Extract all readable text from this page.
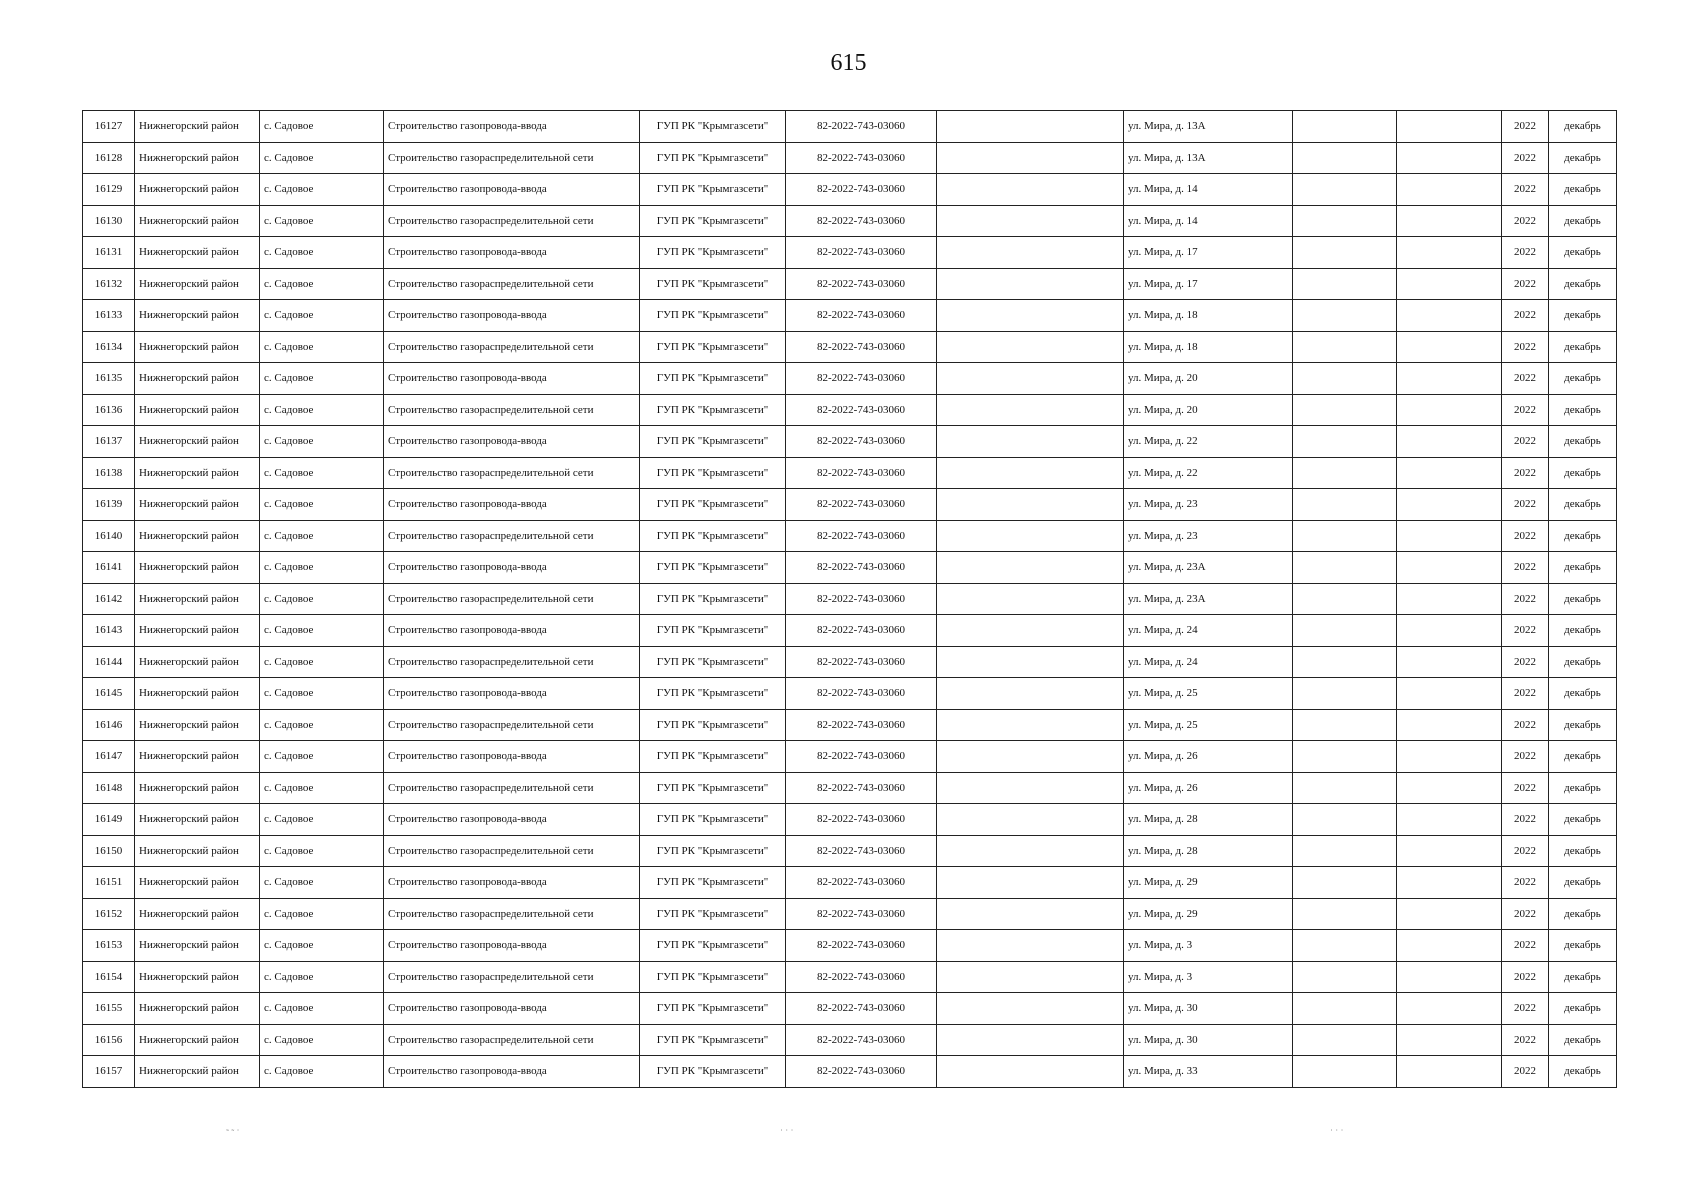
615
16127	Нижнегорский район	с. Садовое	Строительство газопровода-ввода	ГУП РК "Крымгазсети"	82-2022-743-03060		ул. Мира, д. 13А			2022	декабрь
16128	Нижнегорский район	с. Садовое	Строительство газораспределительной сети	ГУП РК "Крымгазсети"	82-2022-743-03060		ул. Мира, д. 13А			2022	декабрь
16129	Нижнегорский район	с. Садовое	Строительство газопровода-ввода	ГУП РК "Крымгазсети"	82-2022-743-03060		ул. Мира, д. 14			2022	декабрь
16130	Нижнегорский район	с. Садовое	Строительство газораспределительной сети	ГУП РК "Крымгазсети"	82-2022-743-03060		ул. Мира, д. 14			2022	декабрь
16131	Нижнегорский район	с. Садовое	Строительство газопровода-ввода	ГУП РК "Крымгазсети"	82-2022-743-03060		ул. Мира, д. 17			2022	декабрь
16132	Нижнегорский район	с. Садовое	Строительство газораспределительной сети	ГУП РК "Крымгазсети"	82-2022-743-03060		ул. Мира, д. 17			2022	декабрь
16133	Нижнегорский район	с. Садовое	Строительство газопровода-ввода	ГУП РК "Крымгазсети"	82-2022-743-03060		ул. Мира, д. 18			2022	декабрь
16134	Нижнегорский район	с. Садовое	Строительство газораспределительной сети	ГУП РК "Крымгазсети"	82-2022-743-03060		ул. Мира, д. 18			2022	декабрь
16135	Нижнегорский район	с. Садовое	Строительство газопровода-ввода	ГУП РК "Крымгазсети"	82-2022-743-03060		ул. Мира, д. 20			2022	декабрь
16136	Нижнегорский район	с. Садовое	Строительство газораспределительной сети	ГУП РК "Крымгазсети"	82-2022-743-03060		ул. Мира, д. 20			2022	декабрь
16137	Нижнегорский район	с. Садовое	Строительство газопровода-ввода	ГУП РК "Крымгазсети"	82-2022-743-03060		ул. Мира, д. 22			2022	декабрь
16138	Нижнегорский район	с. Садовое	Строительство газораспределительной сети	ГУП РК "Крымгазсети"	82-2022-743-03060		ул. Мира, д. 22			2022	декабрь
16139	Нижнегорский район	с. Садовое	Строительство газопровода-ввода	ГУП РК "Крымгазсети"	82-2022-743-03060		ул. Мира, д. 23			2022	декабрь
16140	Нижнегорский район	с. Садовое	Строительство газораспределительной сети	ГУП РК "Крымгазсети"	82-2022-743-03060		ул. Мира, д. 23			2022	декабрь
16141	Нижнегорский район	с. Садовое	Строительство газопровода-ввода	ГУП РК "Крымгазсети"	82-2022-743-03060		ул. Мира, д. 23А			2022	декабрь
16142	Нижнегорский район	с. Садовое	Строительство газораспределительной сети	ГУП РК "Крымгазсети"	82-2022-743-03060		ул. Мира, д. 23А			2022	декабрь
16143	Нижнегорский район	с. Садовое	Строительство газопровода-ввода	ГУП РК "Крымгазсети"	82-2022-743-03060		ул. Мира, д. 24			2022	декабрь
16144	Нижнегорский район	с. Садовое	Строительство газораспределительной сети	ГУП РК "Крымгазсети"	82-2022-743-03060		ул. Мира, д. 24			2022	декабрь
16145	Нижнегорский район	с. Садовое	Строительство газопровода-ввода	ГУП РК "Крымгазсети"	82-2022-743-03060		ул. Мира, д. 25			2022	декабрь
16146	Нижнегорский район	с. Садовое	Строительство газораспределительной сети	ГУП РК "Крымгазсети"	82-2022-743-03060		ул. Мира, д. 25			2022	декабрь
16147	Нижнегорский район	с. Садовое	Строительство газопровода-ввода	ГУП РК "Крымгазсети"	82-2022-743-03060		ул. Мира, д. 26			2022	декабрь
16148	Нижнегорский район	с. Садовое	Строительство газораспределительной сети	ГУП РК "Крымгазсети"	82-2022-743-03060		ул. Мира, д. 26			2022	декабрь
16149	Нижнегорский район	с. Садовое	Строительство газопровода-ввода	ГУП РК "Крымгазсети"	82-2022-743-03060		ул. Мира, д. 28			2022	декабрь
16150	Нижнегорский район	с. Садовое	Строительство газораспределительной сети	ГУП РК "Крымгазсети"	82-2022-743-03060		ул. Мира, д. 28			2022	декабрь
16151	Нижнегорский район	с. Садовое	Строительство газопровода-ввода	ГУП РК "Крымгазсети"	82-2022-743-03060		ул. Мира, д. 29			2022	декабрь
16152	Нижнегорский район	с. Садовое	Строительство газораспределительной сети	ГУП РК "Крымгазсети"	82-2022-743-03060		ул. Мира, д. 29			2022	декабрь
16153	Нижнегорский район	с. Садовое	Строительство газопровода-ввода	ГУП РК "Крымгазсети"	82-2022-743-03060		ул. Мира, д. 3			2022	декабрь
16154	Нижнегорский район	с. Садовое	Строительство газораспределительной сети	ГУП РК "Крымгазсети"	82-2022-743-03060		ул. Мира, д. 3			2022	декабрь
16155	Нижнегорский район	с. Садовое	Строительство газопровода-ввода	ГУП РК "Крымгазсети"	82-2022-743-03060		ул. Мира, д. 30			2022	декабрь
16156	Нижнегорский район	с. Садовое	Строительство газораспределительной сети	ГУП РК "Крымгазсети"	82-2022-743-03060		ул. Мира, д. 30			2022	декабрь
16157	Нижнегорский район	с. Садовое	Строительство газопровода-ввода	ГУП РК "Крымгазсети"	82-2022-743-03060		ул. Мира, д. 33			2022	декабрь
˜ ˜ ˙	˙ ˙ ˙	˙ ˙ ˙
